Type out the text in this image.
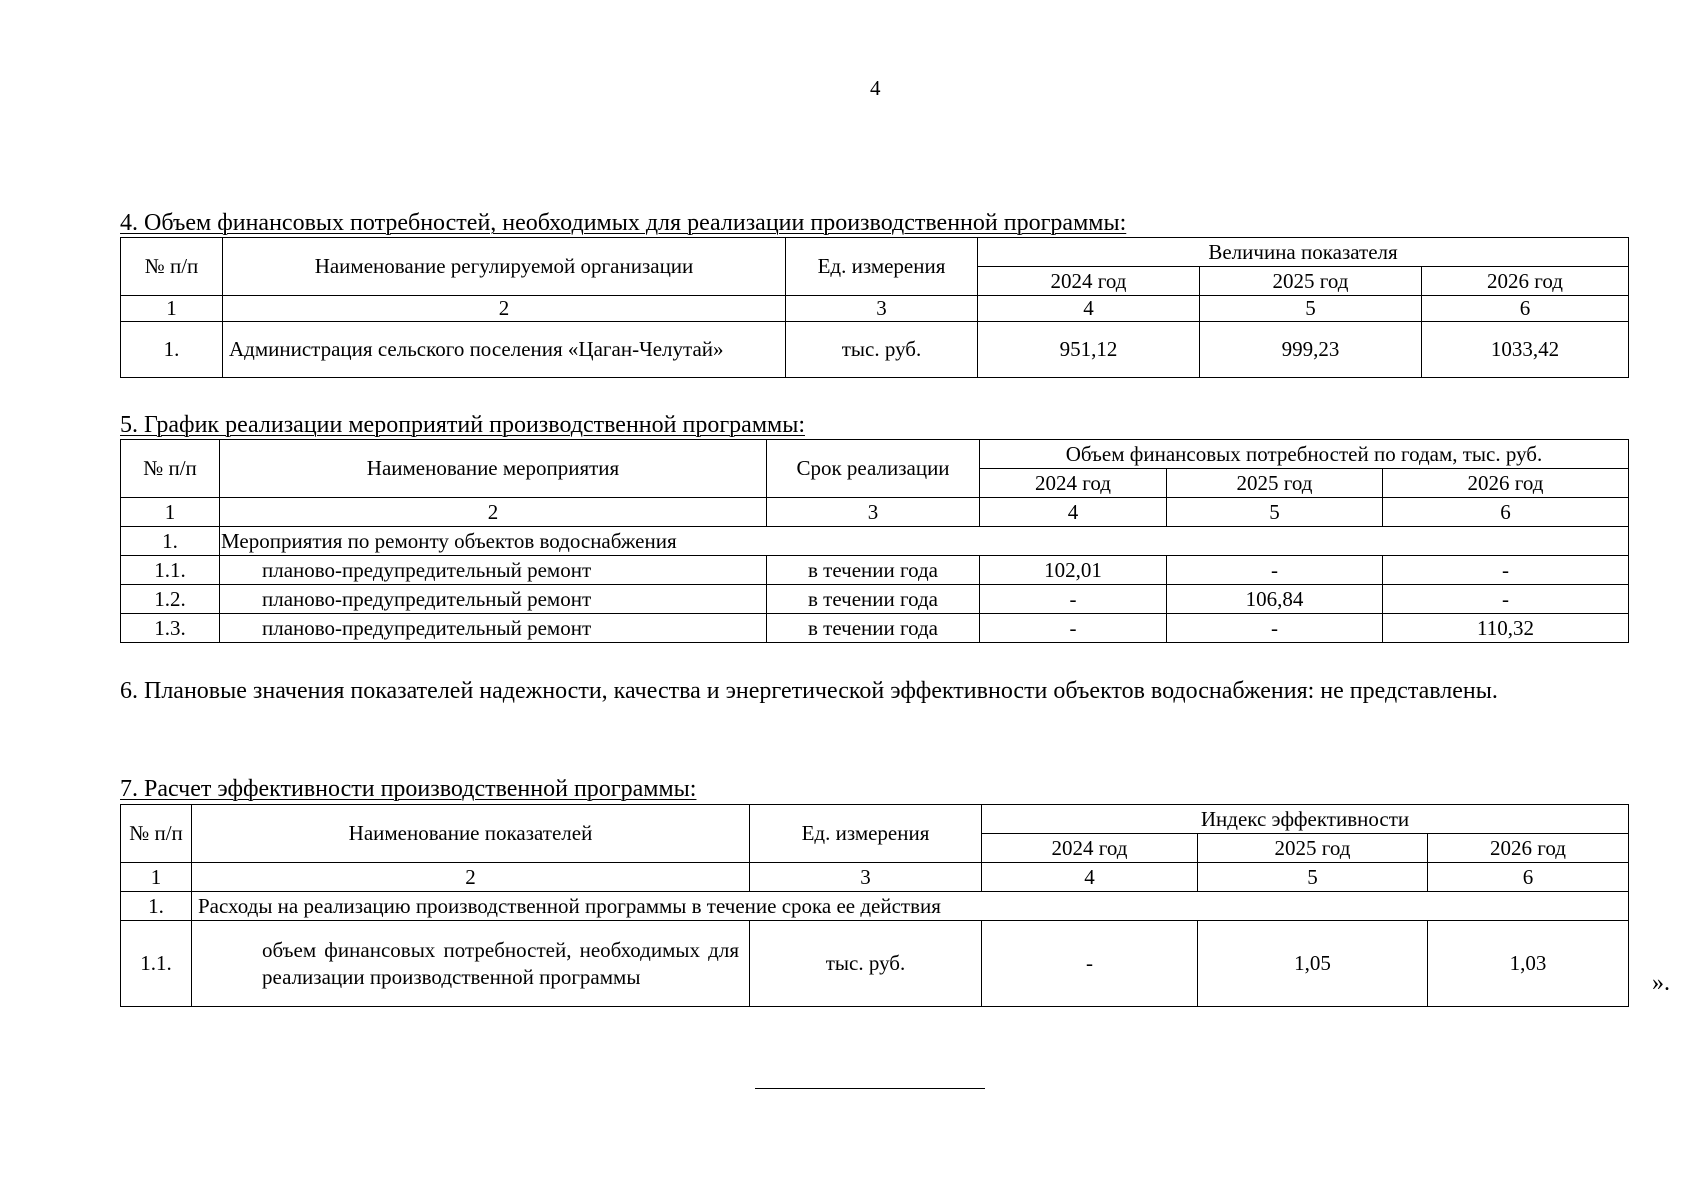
4
4. Объем финансовых потребностей, необходимых для реализации производственной программы:
№ п/п	Наименование регулируемой организации	Ед. измерения	Величина показателя		
			2024 год	2025 год	2026 год
1	2	3	4	5	6
1.	Администрация сельского поселения «Цаган-Челутай»	тыс. руб.	951,12	999,23	1033,42
5. График реализации мероприятий производственной программы:
№ п/п	Наименование мероприятия	Срок реализации	Объем финансовых потребностей по годам, тыс. руб.		
			2024 год	2025 год	2026 год
1	2	3	4	5	6
1.	Мероприятия по ремонту объектов водоснабжения				
1.1.	планово-предупредительный ремонт	в течении года	102,01	-	-
1.2.	планово-предупредительный ремонт	в течении года	-	106,84	-
1.3.	планово-предупредительный ремонт	в течении года	-	-	110,32
6. Плановые значения показателей надежности, качества и энергетической эффективности объектов водоснабжения: не представлены.
7. Расчет эффективности производственной программы:
№ п/п	Наименование показателей	Ед. измерения	Индекс эффективности		
			2024 год	2025 год	2026 год
1	2	3	4	5	6
1.	Расходы на реализацию производственной программы в течение срока ее действия				
1.1.	объем финансовых потребностей, необходимых для реализации производственной программы	тыс. руб.	-	1,05	1,03
».
